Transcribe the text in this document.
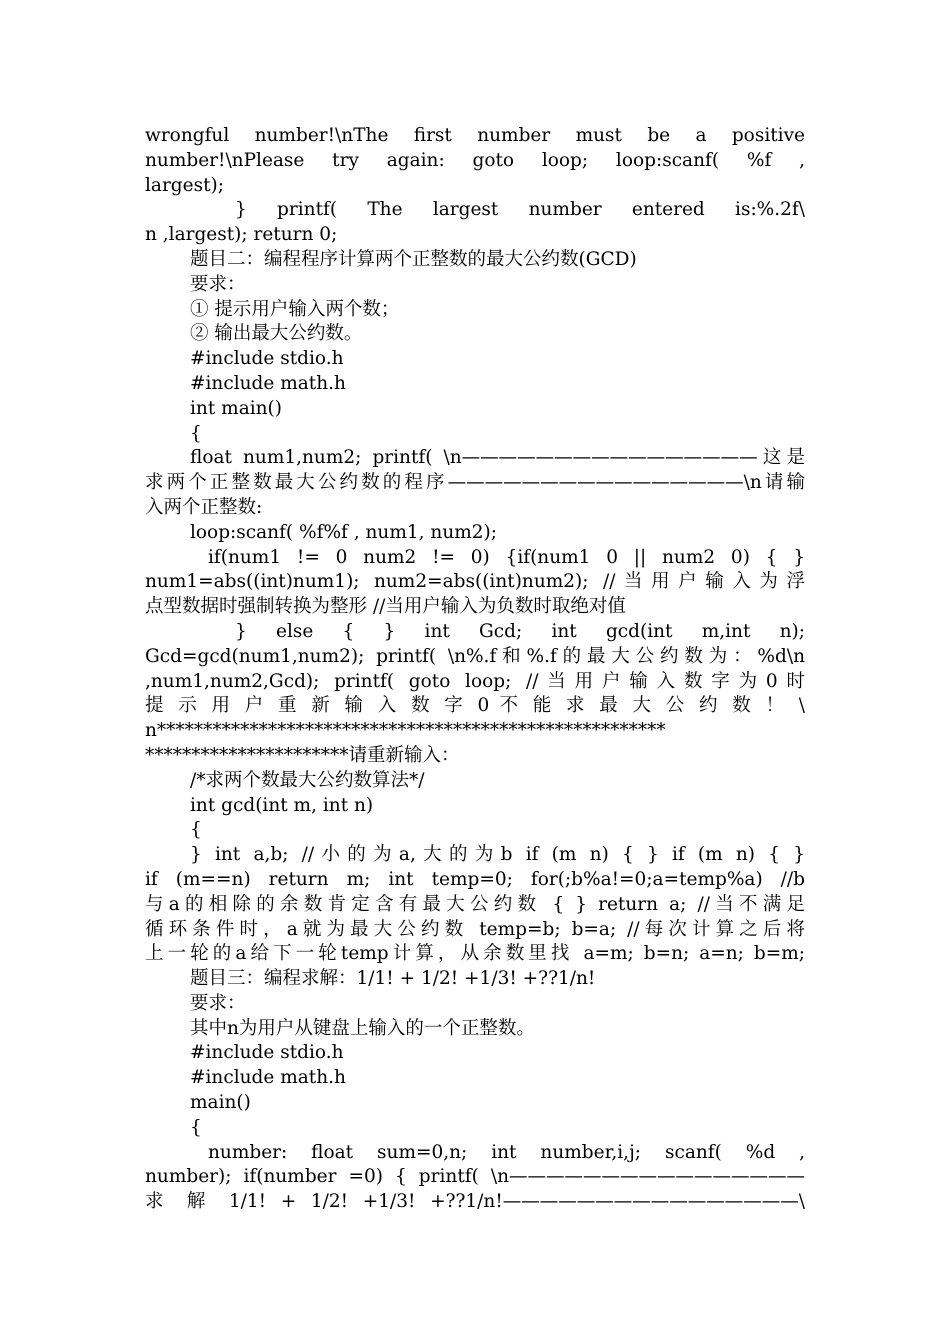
wrongful number!\nThe first number must be a positive
number!\nPlease try again: goto loop; loop:scanf( %f ,
largest);
} printf( The largest number entered is:%.2f\
n ,largest); return 0;
题目二：编程程序计算两个正整数的最大公约数(GCD)
要求：
① 提示用户输入两个数；
② 输出最大公约数。
#include stdio.h
#include math.h
int main()
{
float num1,num2; printf( \n————————————————这是
求两个正整数最大公约数的程序————————————————\n请输
入两个正整数:
loop:scanf( %f%f , num1, num2);
if(num1 != 0 num2 != 0) {if(num1 0 || num2 0) { }
num1=abs((int)num1); num2=abs((int)num2); //当用户输入为浮
点型数据时强制转换为整形 //当用户输入为负数时取绝对值
} else { } int Gcd; int gcd(int m,int n);
Gcd=gcd(num1,num2); printf( \n%.f和%.f的最大公约数为：%d\n
,num1,num2,Gcd); printf( goto loop; //当用户输入数字为0时
提 示 用 户 重 新 输 入 数 字 0 不 能 求 最 大 公 约 数 ！ \
n*******************************************************
**********************请重新输入：
/*求两个数最大公约数算法*/
int gcd(int m, int n)
{
} int a,b; //小的为a,大的为b if (m n) { } if (m n) { }
if (m==n) return m; int temp=0; for(;b%a!=0;a=temp%a) //b
与a的相除的余数肯定含有最大公约数 { } return a; //当不满足
循环条件时，a就为最大公约数 temp=b; b=a; //每次计算之后将
上一轮的a给下一轮temp计算，从余数里找 a=m; b=n; a=n; b=m;
题目三：编程求解：1/1! + 1/2! +1/3! +??1/n!
要求：
其中n为用户从键盘上输入的一个正整数。
#include stdio.h
#include math.h
main()
{
number: float sum=0,n; int number,i,j; scanf( %d ,
number); if(number =0) { printf( \n————————————————
求 解 1/1! + 1/2! +1/3! +??1/n!————————————————\
